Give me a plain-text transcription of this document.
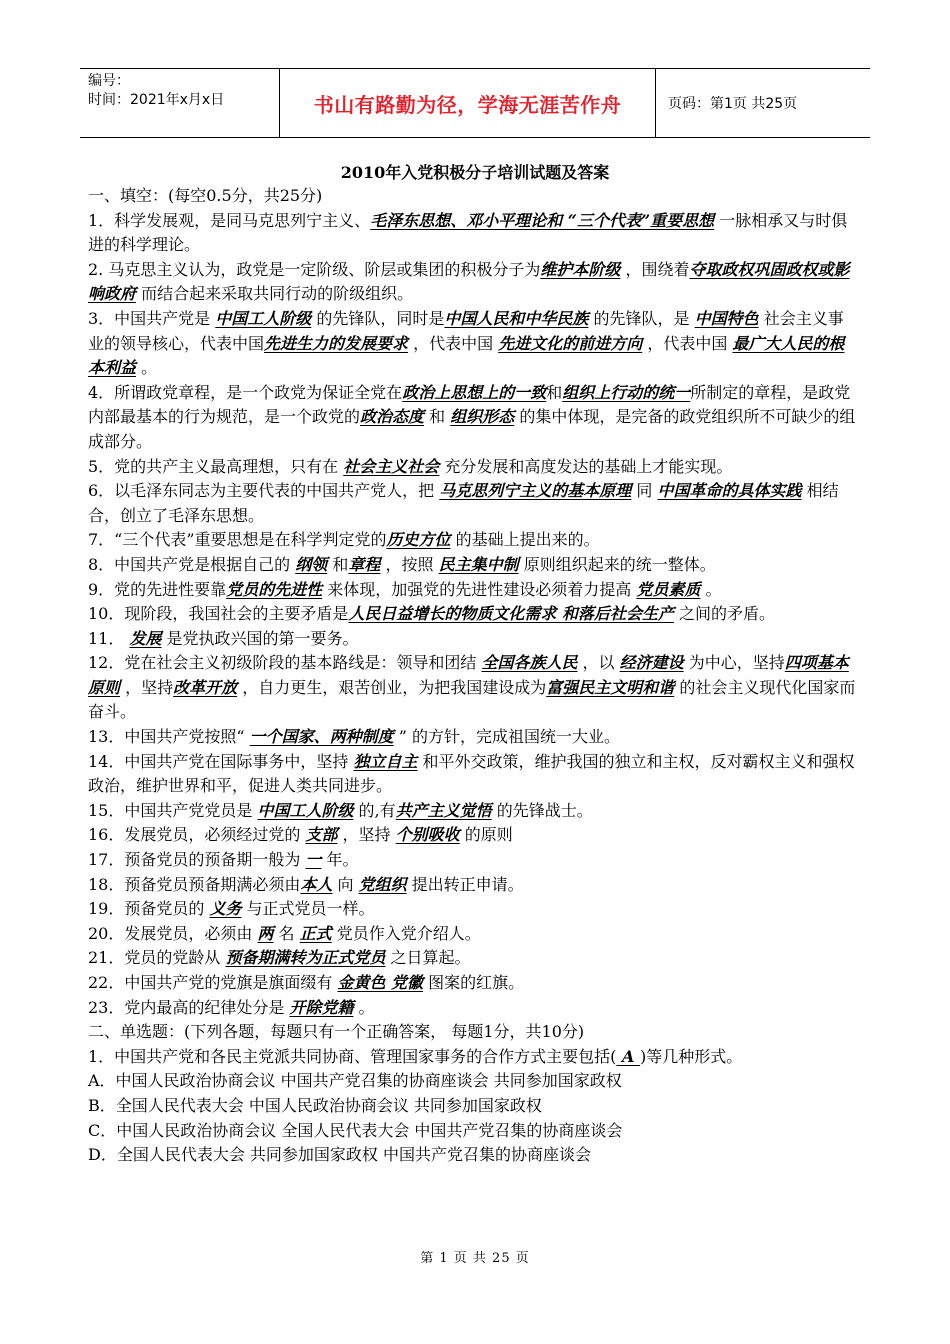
编号：
时间：2021年x月x日	书山有路勤为径，学海无涯苦作舟	页码：第1页 共25页
2010年入党积极分子培训试题及答案

一、填空：(每空0.5分，共25分)

1．科学发展观，是同马克思列宁主义、毛泽东思想、邓小平理论和 “三个代表”重要思想 一脉相承又与时俱进的科学理论。

2. 马克思主义认为，政党是一定阶级、阶层或集团的积极分子为维护本阶级 ，围绕着夺取政权巩固政权或影响政府 而结合起来采取共同行动的阶级组织。

3．中国共产党是 中国工人阶级 的先锋队，同时是中国人民和中华民族 的先锋队，是 中国特色 社会主义事业的领导核心，代表中国先进生力的发展要求 ，代表中国 先进文化的前进方向 ，代表中国 最广大人民的根本利益 。

4．所谓政党章程，是一个政党为保证全党在政治上思想上的一致和组织上行动的统一所制定的章程，是政党内部最基本的行为规范，是一个政党的政治态度 和 组织形态 的集中体现，是完备的政党组织所不可缺少的组成部分。

5．党的共产主义最高理想，只有在 社会主义社会 充分发展和高度发达的基础上才能实现。

6．以毛泽东同志为主要代表的中国共产党人，把 马克思列宁主义的基本原理 同 中国革命的具体实践 相结合，创立了毛泽东思想。

7．“三个代表”重要思想是在科学判定党的历史方位 的基础上提出来的。

8．中国共产党是根据自己的 纲领 和章程 ，按照 民主集中制 原则组织起来的统一整体。

9．党的先进性要靠党员的先进性 来体现，加强党的先进性建设必须着力提高 党员素质 。

10．现阶段，我国社会的主要矛盾是人民日益增长的物质文化需求 和落后社会生产 之间的矛盾。

11． 发展 是党执政兴国的第一要务。

12．党在社会主义初级阶段的基本路线是：领导和团结 全国各族人民 ，以 经济建设 为中心，坚持四项基本原则 ，坚持改革开放 ，自力更生，艰苦创业，为把我国建设成为富强民主文明和谐 的社会主义现代化国家而奋斗。

13．中国共产党按照“ 一个国家、两种制度 ” 的方针，完成祖国统一大业。

14．中国共产党在国际事务中，坚持 独立自主 和平外交政策，维护我国的独立和主权，反对霸权主义和强权政治，维护世界和平，促进人类共同进步。

15．中国共产党党员是 中国工人阶级 的,有共产主义觉悟 的先锋战士。

16．发展党员，必须经过党的 支部 ，坚持 个别吸收 的原则

17．预备党员的预备期一般为 一 年。

18．预备党员预备期满必须由本人 向 党组织 提出转正申请。

19．预备党员的 义务 与正式党员一样。

20．发展党员，必须由 两 名 正式 党员作入党介绍人。

21．党员的党龄从 预备期满转为正式党员 之日算起。

22．中国共产党的党旗是旗面缀有 金黄色 党徽 图案的红旗。

23．党内最高的纪律处分是 开除党籍 。

二、单选题：(下列各题，每题只有一个正确答案， 每题1分，共10分)

1．中国共产党和各民主党派共同协商、管理国家事务的合作方式主要包括( A )等几种形式。

A．中国人民政治协商会议 中国共产党召集的协商座谈会 共同参加国家政权

B．全国人民代表大会 中国人民政治协商会议 共同参加国家政权

C．中国人民政治协商会议 全国人民代表大会 中国共产党召集的协商座谈会

D．全国人民代表大会 共同参加国家政权 中国共产党召集的协商座谈会

第 1 页 共 25 页
